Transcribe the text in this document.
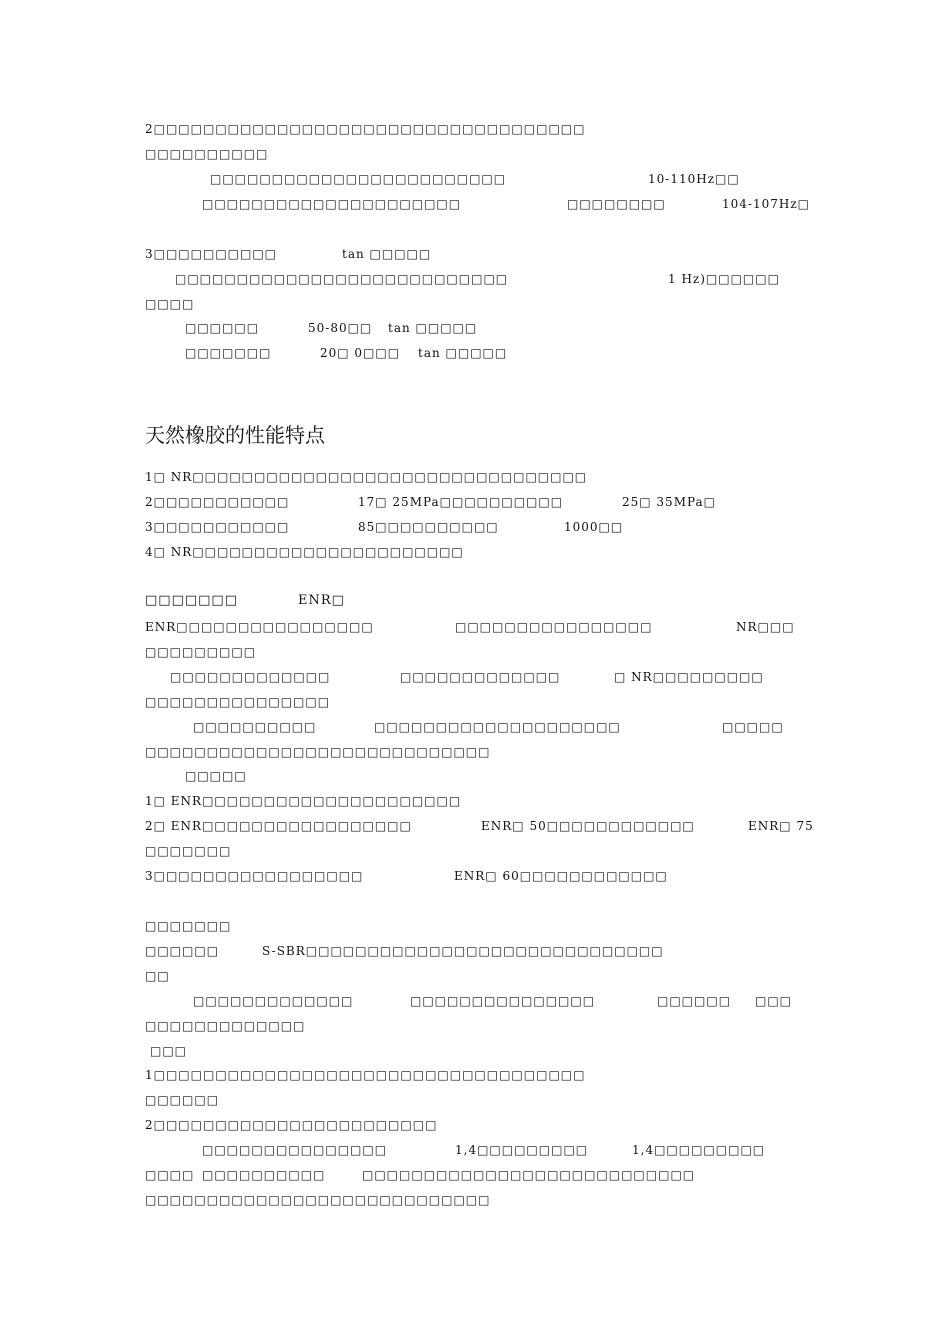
2□□□□□□□□□□□□□□□□□□□□□□□□□□□□□□□□□□□
□□□□□□□□□□
□□□□□□□□□□□□□□□□□□□□□□□□	10-110Hz□□
□□□□□□□□□□□□□□□□□□□□□	□□□□□□□□	104-107Hz□
3□□□□□□□□□□	tan □□□□□
□□□□□□□□□□□□□□□□□□□□□□□□□□□	1 Hz)□□□□□□
□□□□
□□□□□□	50-80□□ tan □□□□□
□□□□□□□	20□ 0□□□ tan □□□□□
天然橡胶的性能特点
1□ NR□□□□□□□□□□□□□□□□□□□□□□□□□□□□□□□□
2□□□□□□□□□□□	17□ 25MPa□□□□□□□□□□	25□ 35MPa□
3□□□□□□□□□□□	85□□□□□□□□□□	1000□□
4□ NR□□□□□□□□□□□□□□□□□□□□□□
□□□□□□□	ENR□
ENR□□□□□□□□□□□□□□□□	□□□□□□□□□□□□□□□□	NR□□□
□□□□□□□□□
□□□□□□□□□□□□□	□□□□□□□□□□□□□	□ NR□□□□□□□□□
□□□□□□□□□□□□□□□
□□□□□□□□□□	□□□□□□□□□□□□□□□□□□□□	□□□□□
□□□□□□□□□□□□□□□□□□□□□□□□□□□□
□□□□□
1□ ENR□□□□□□□□□□□□□□□□□□□□□
2□ ENR□□□□□□□□□□□□□□□□□	ENR□ 50□□□□□□□□□□□□	ENR□ 75
□□□□□□□
3□□□□□□□□□□□□□□□□□	ENR□ 60□□□□□□□□□□□□
□□□□□□□
□□□□□□	S-SBR□□□□□□□□□□□□□□□□□□□□□□□□□□□□□
□□
□□□□□□□□□□□□□	□□□□□□□□□□□□□□□	□□□□□□ □□□
□□□□□□□□□□□□□
□□□
1□□□□□□□□□□□□□□□□□□□□□□□□□□□□□□□□□□□
□□□□□□
2□□□□□□□□□□□□□□□□□□□□□□□
□□□□□□□□□□□□□□□	1,4□□□□□□□□□	1,4□□□□□□□□□
□□□□ □□□□□□□□□□	□□□□□□□□□□□□□□□□□□□□□□□□□□□
□□□□□□□□□□□□□□□□□□□□□□□□□□□□
